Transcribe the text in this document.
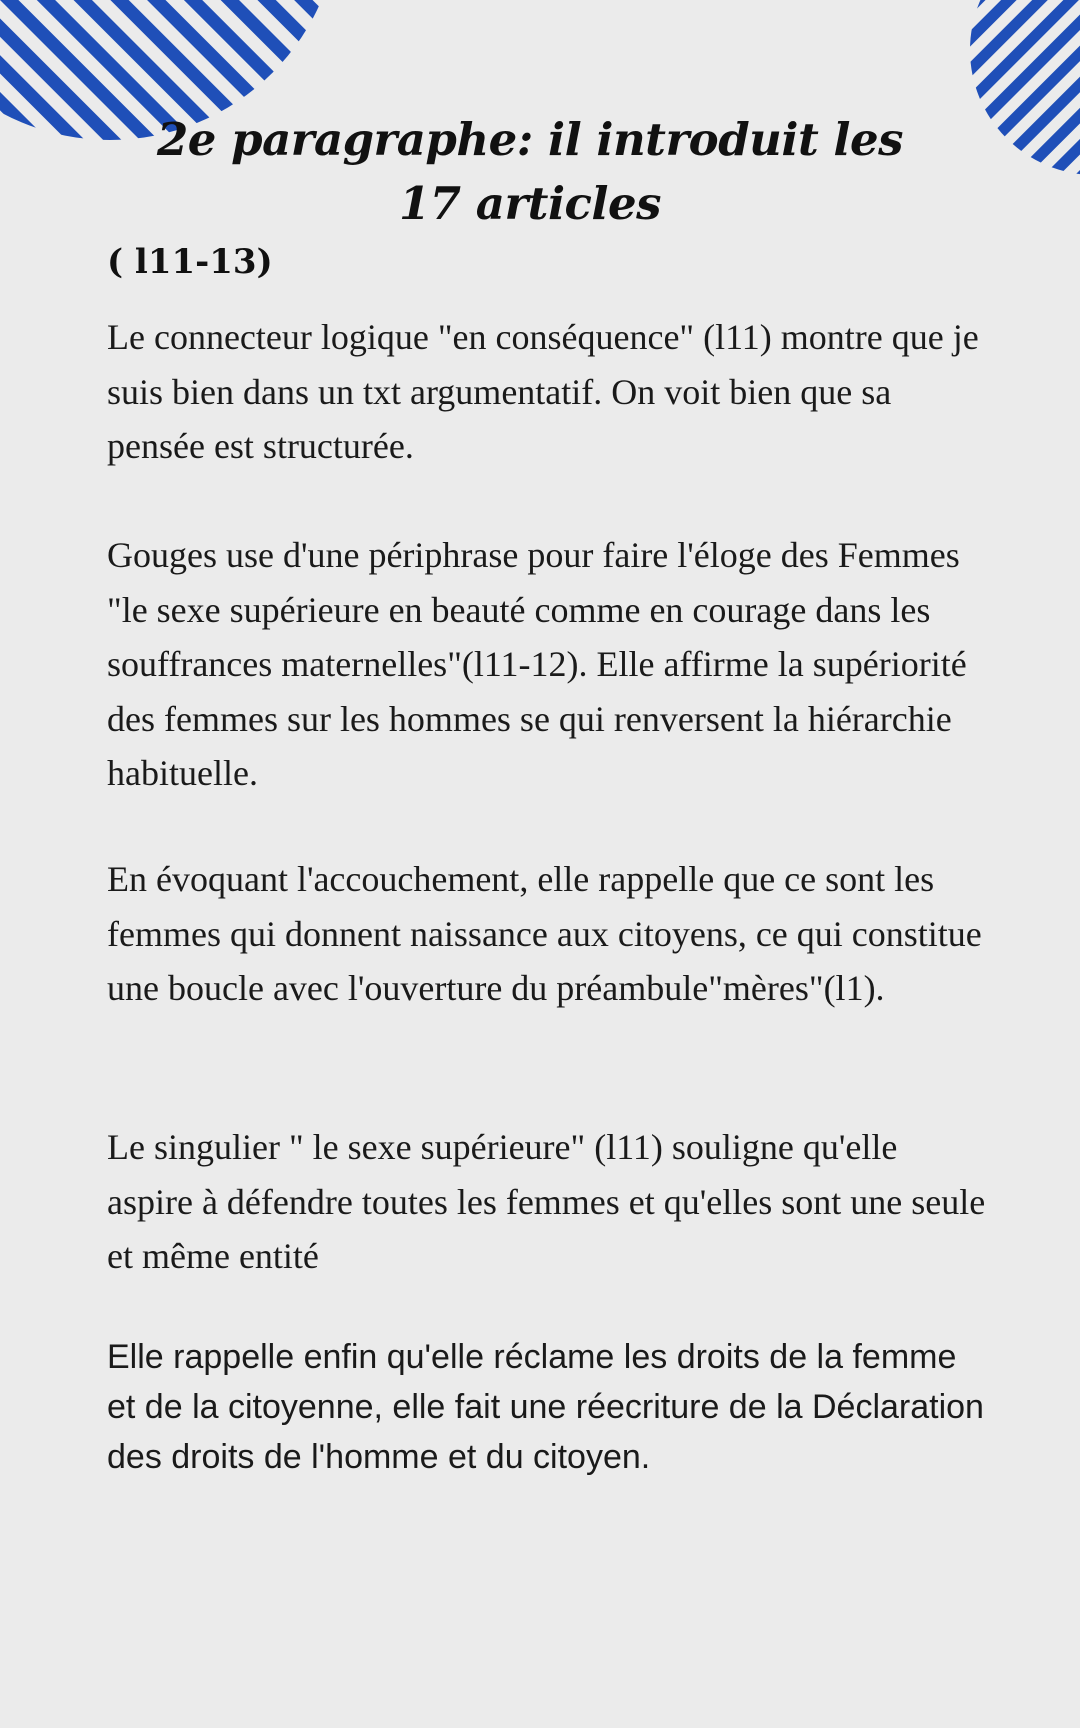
2e paragraphe: il introduit les 17 articles

( l11-13)

Le connecteur logique "en conséquence" (l11) montre que je suis bien dans un txt argumentatif. On voit bien que sa pensée est structurée.

Gouges use d'une périphrase pour faire l'éloge des Femmes "le sexe supérieure en beauté comme en courage dans les souffrances maternelles"(l11-12). Elle affirme la supériorité des femmes sur les hommes se qui renversent la hiérarchie habituelle.

En évoquant l'accouchement, elle rappelle que ce sont les femmes qui donnent naissance aux citoyens, ce qui constitue une boucle avec l'ouverture du préambule"mères"(l1).

Le singulier " le sexe supérieure" (l11) souligne qu'elle aspire à défendre toutes les femmes et qu'elles sont une seule et même entité

Elle rappelle enfin qu'elle réclame les droits de la femme et de la citoyenne, elle fait une réecriture de la Déclaration des droits de l'homme et du citoyen.
